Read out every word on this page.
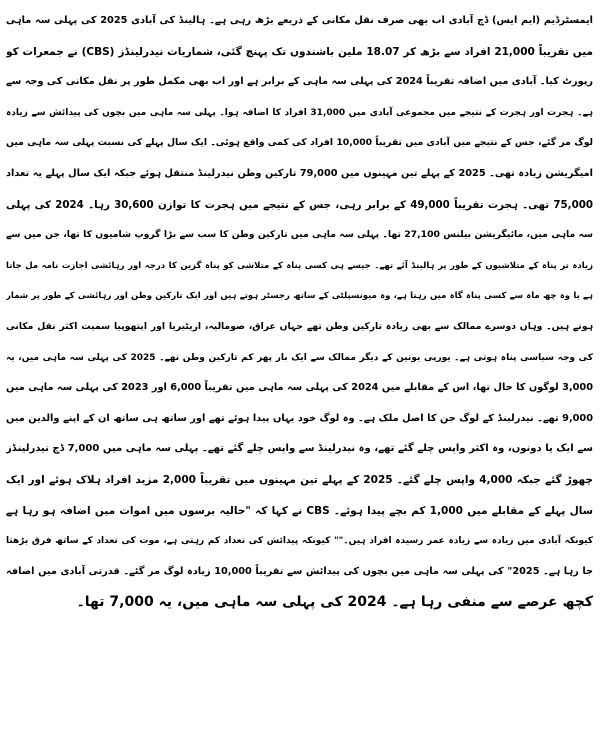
ایمسٹرڈیم (ایم ایس) ڈچ آبادی اب بھی صرف نقل مکانی کے ذریعے بڑھ رہی ہے۔ ہالینڈ کی آبادی 2025 کی پہلی سہ ماہی
میں تقریباً 21,000 افراد سے بڑھ کر 18.07 ملین باشندوں تک پہنچ گئی، شماریات نیدرلینڈز (CBS) نے جمعرات کو
رپورٹ کیا۔ آبادی میں اضافہ تقریباً 2024 کی پہلی سہ ماہی کے برابر ہے اور اب بھی مکمل طور پر نقل مکانی کی وجہ سے
ہے۔ ہجرت اور ہجرت کے نتیجے میں مجموعی آبادی میں 31,000 افراد کا اضافہ ہوا۔ پہلی سہ ماہی میں بچوں کی پیدائش سے زیادہ
لوگ مر گئے، جس کے نتیجے میں آبادی میں تقریباً 10,000 افراد کی کمی واقع ہوئی۔ ایک سال پہلے کی نسبت پہلی سہ ماہی میں
امیگریشن زیادہ تھی۔ 2025 کے پہلے تین مہینوں میں 79,000 تارکین وطن نیدرلینڈ منتقل ہوئے جبکہ ایک سال پہلے یہ تعداد
75,000 تھی۔ ہجرت تقریباً 49,000 کے برابر رہی، جس کے نتیجے میں ہجرت کا توازن 30,600 رہا۔ 2024 کی پہلی
سہ ماہی میں، مائیگریشن بیلنس 27,100 تھا۔ پہلی سہ ماہی میں تارکین وطن کا سب سے بڑا گروپ شامیوں کا تھا، جن میں سے
زیادہ تر پناہ کے متلاشیوں کے طور پر ہالینڈ آئے تھے۔ جیسے ہی کسی پناہ کے متلاشی کو پناہ گزین کا درجہ اور رہائشی اجازت نامہ مل جاتا
ہے یا وہ چھ ماہ سے کسی پناہ گاہ میں رہتا ہے، وہ میونسپلٹی کے ساتھ رجسٹر ہوتے ہیں اور ایک تارکین وطن اور رہائشی کے طور پر شمار
ہوتے ہیں۔ وہاں دوسرے ممالک سے بھی زیادہ تارکین وطن تھے جہاں عراق، صومالیہ، اریٹیریا اور ایتھوپیا سمیت اکثر نقل مکانی
کی وجہ سیاسی پناہ ہوتی ہے۔ یورپی یونین کے دیگر ممالک سے ایک بار پھر کم تارکین وطن تھے۔ 2025 کی پہلی سہ ماہی میں، یہ
3,000 لوگوں کا حال تھا، اس کے مقابلے میں 2024 کی پہلی سہ ماہی میں تقریباً 6,000 اور 2023 کی پہلی سہ ماہی میں
9,000 تھے۔ نیدرلینڈ کے لوگ جن کا اصل ملک ہے۔ وہ لوگ خود یہاں پیدا ہوئے تھے اور ساتھ ہی ساتھ ان کے اپنے والدین میں
سے ایک یا دونوں، وہ اکثر واپس چلے گئے تھے، وہ نیدرلینڈ سے واپس چلے گئے تھے۔ پہلی سہ ماہی میں 7,000 ڈچ نیدرلینڈز
چھوڑ گئے جبکہ 4,000 واپس چلے گئے۔ 2025 کے پہلے تین مہینوں میں تقریباً 2,000 مزید افراد ہلاک ہوئے اور ایک
سال پہلے کے مقابلے میں 1,000 کم بچے پیدا ہوئے۔ CBS نے کہا کہ "حالیہ برسوں میں اموات میں اضافہ ہو رہا ہے
کیونکہ آبادی میں زیادہ سے زیادہ عمر رسیدہ افراد ہیں۔"" کیونکہ پیدائش کی تعداد کم رہتی ہے، موت کی تعداد کے ساتھ فرق بڑھتا
جا رہا ہے۔ 2025" کی پہلی سہ ماہی میں بچوں کی پیدائش سے تقریباً 10,000 زیادہ لوگ مر گئے۔ قدرتی آبادی میں اضافہ
کچھ عرصے سے منفی رہا ہے۔ 2024 کی پہلی سہ ماہی میں، یہ 7,000 تھا۔
